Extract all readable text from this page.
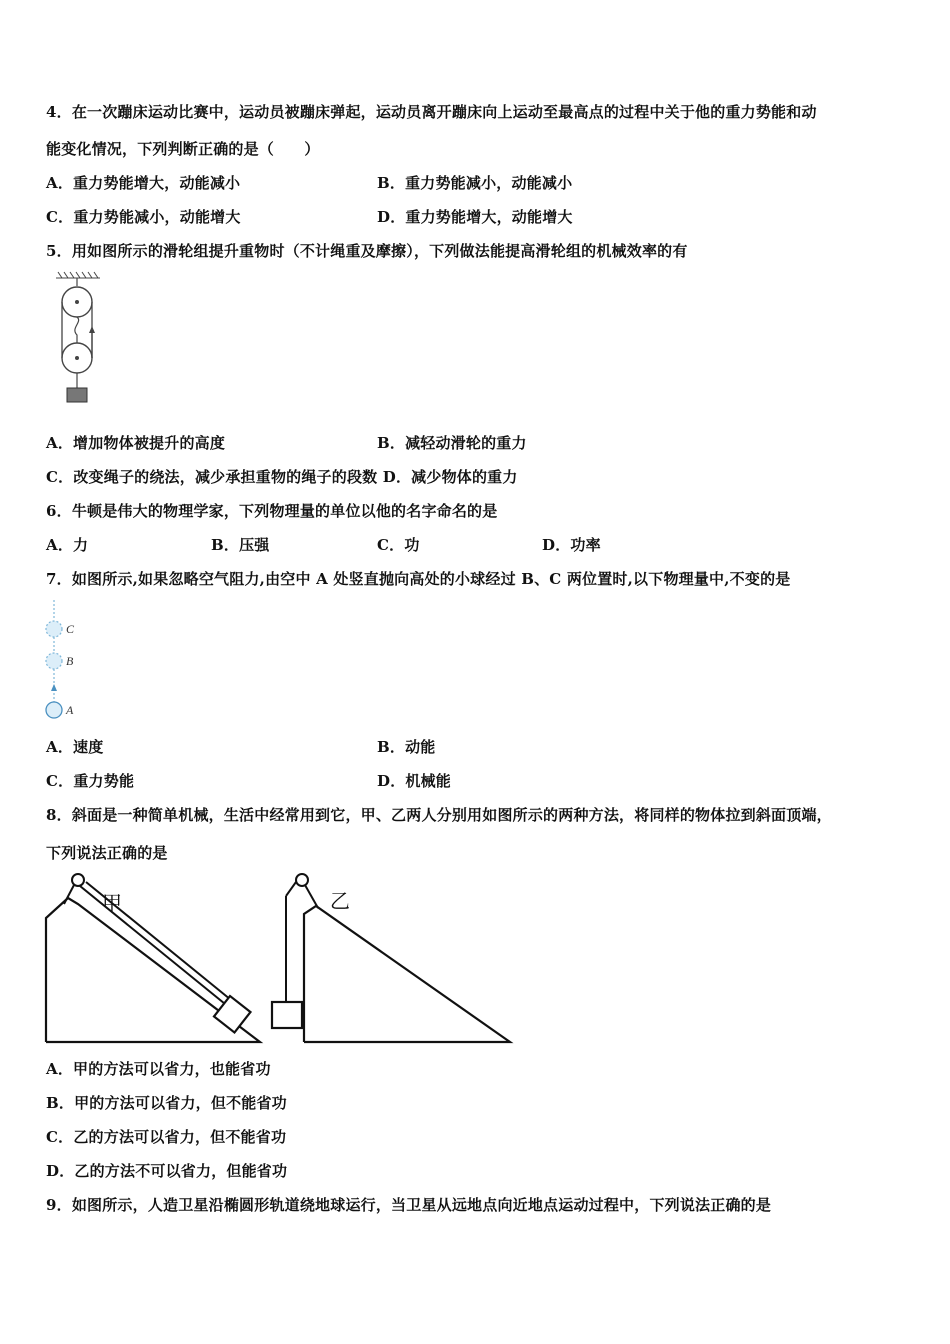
4．在一次蹦床运动比赛中，运动员被蹦床弹起，运动员离开蹦床向上运动至最高点的过程中关于他的重力势能和动
能变化情况，下列判断正确的是（　　）
A．重力势能增大，动能减小	B．重力势能减小，动能减小
C．重力势能减小，动能增大	D．重力势能增大，动能增大
5．用如图所示的滑轮组提升重物时（不计绳重及摩擦），下列做法能提高滑轮组的机械效率的有
A．增加物体被提升的高度	B．减轻动滑轮的重力
C．改变绳子的绕法，减少承担重物的绳子的段数 D．减少物体的重力
6．牛顿是伟大的物理学家，下列物理量的单位以他的名字命名的是
A．力	B．压强	C．功	D．功率
7．如图所示,如果忽略空气阻力,由空中 A 处竖直抛向高处的小球经过 B、C 两位置时,以下物理量中,不变的是
C
B
A
A．速度	B．动能
C．重力势能	D．机械能
8．斜面是一种简单机械，生活中经常用到它，甲、乙两人分别用如图所示的两种方法，将同样的物体拉到斜面顶端，
下列说法正确的是
甲	乙
A．甲的方法可以省力，也能省功
B．甲的方法可以省力，但不能省功
C．乙的方法可以省力，但不能省功
D．乙的方法不可以省力，但能省功
9．如图所示，人造卫星沿椭圆形轨道绕地球运行，当卫星从远地点向近地点运动过程中，下列说法正确的是
